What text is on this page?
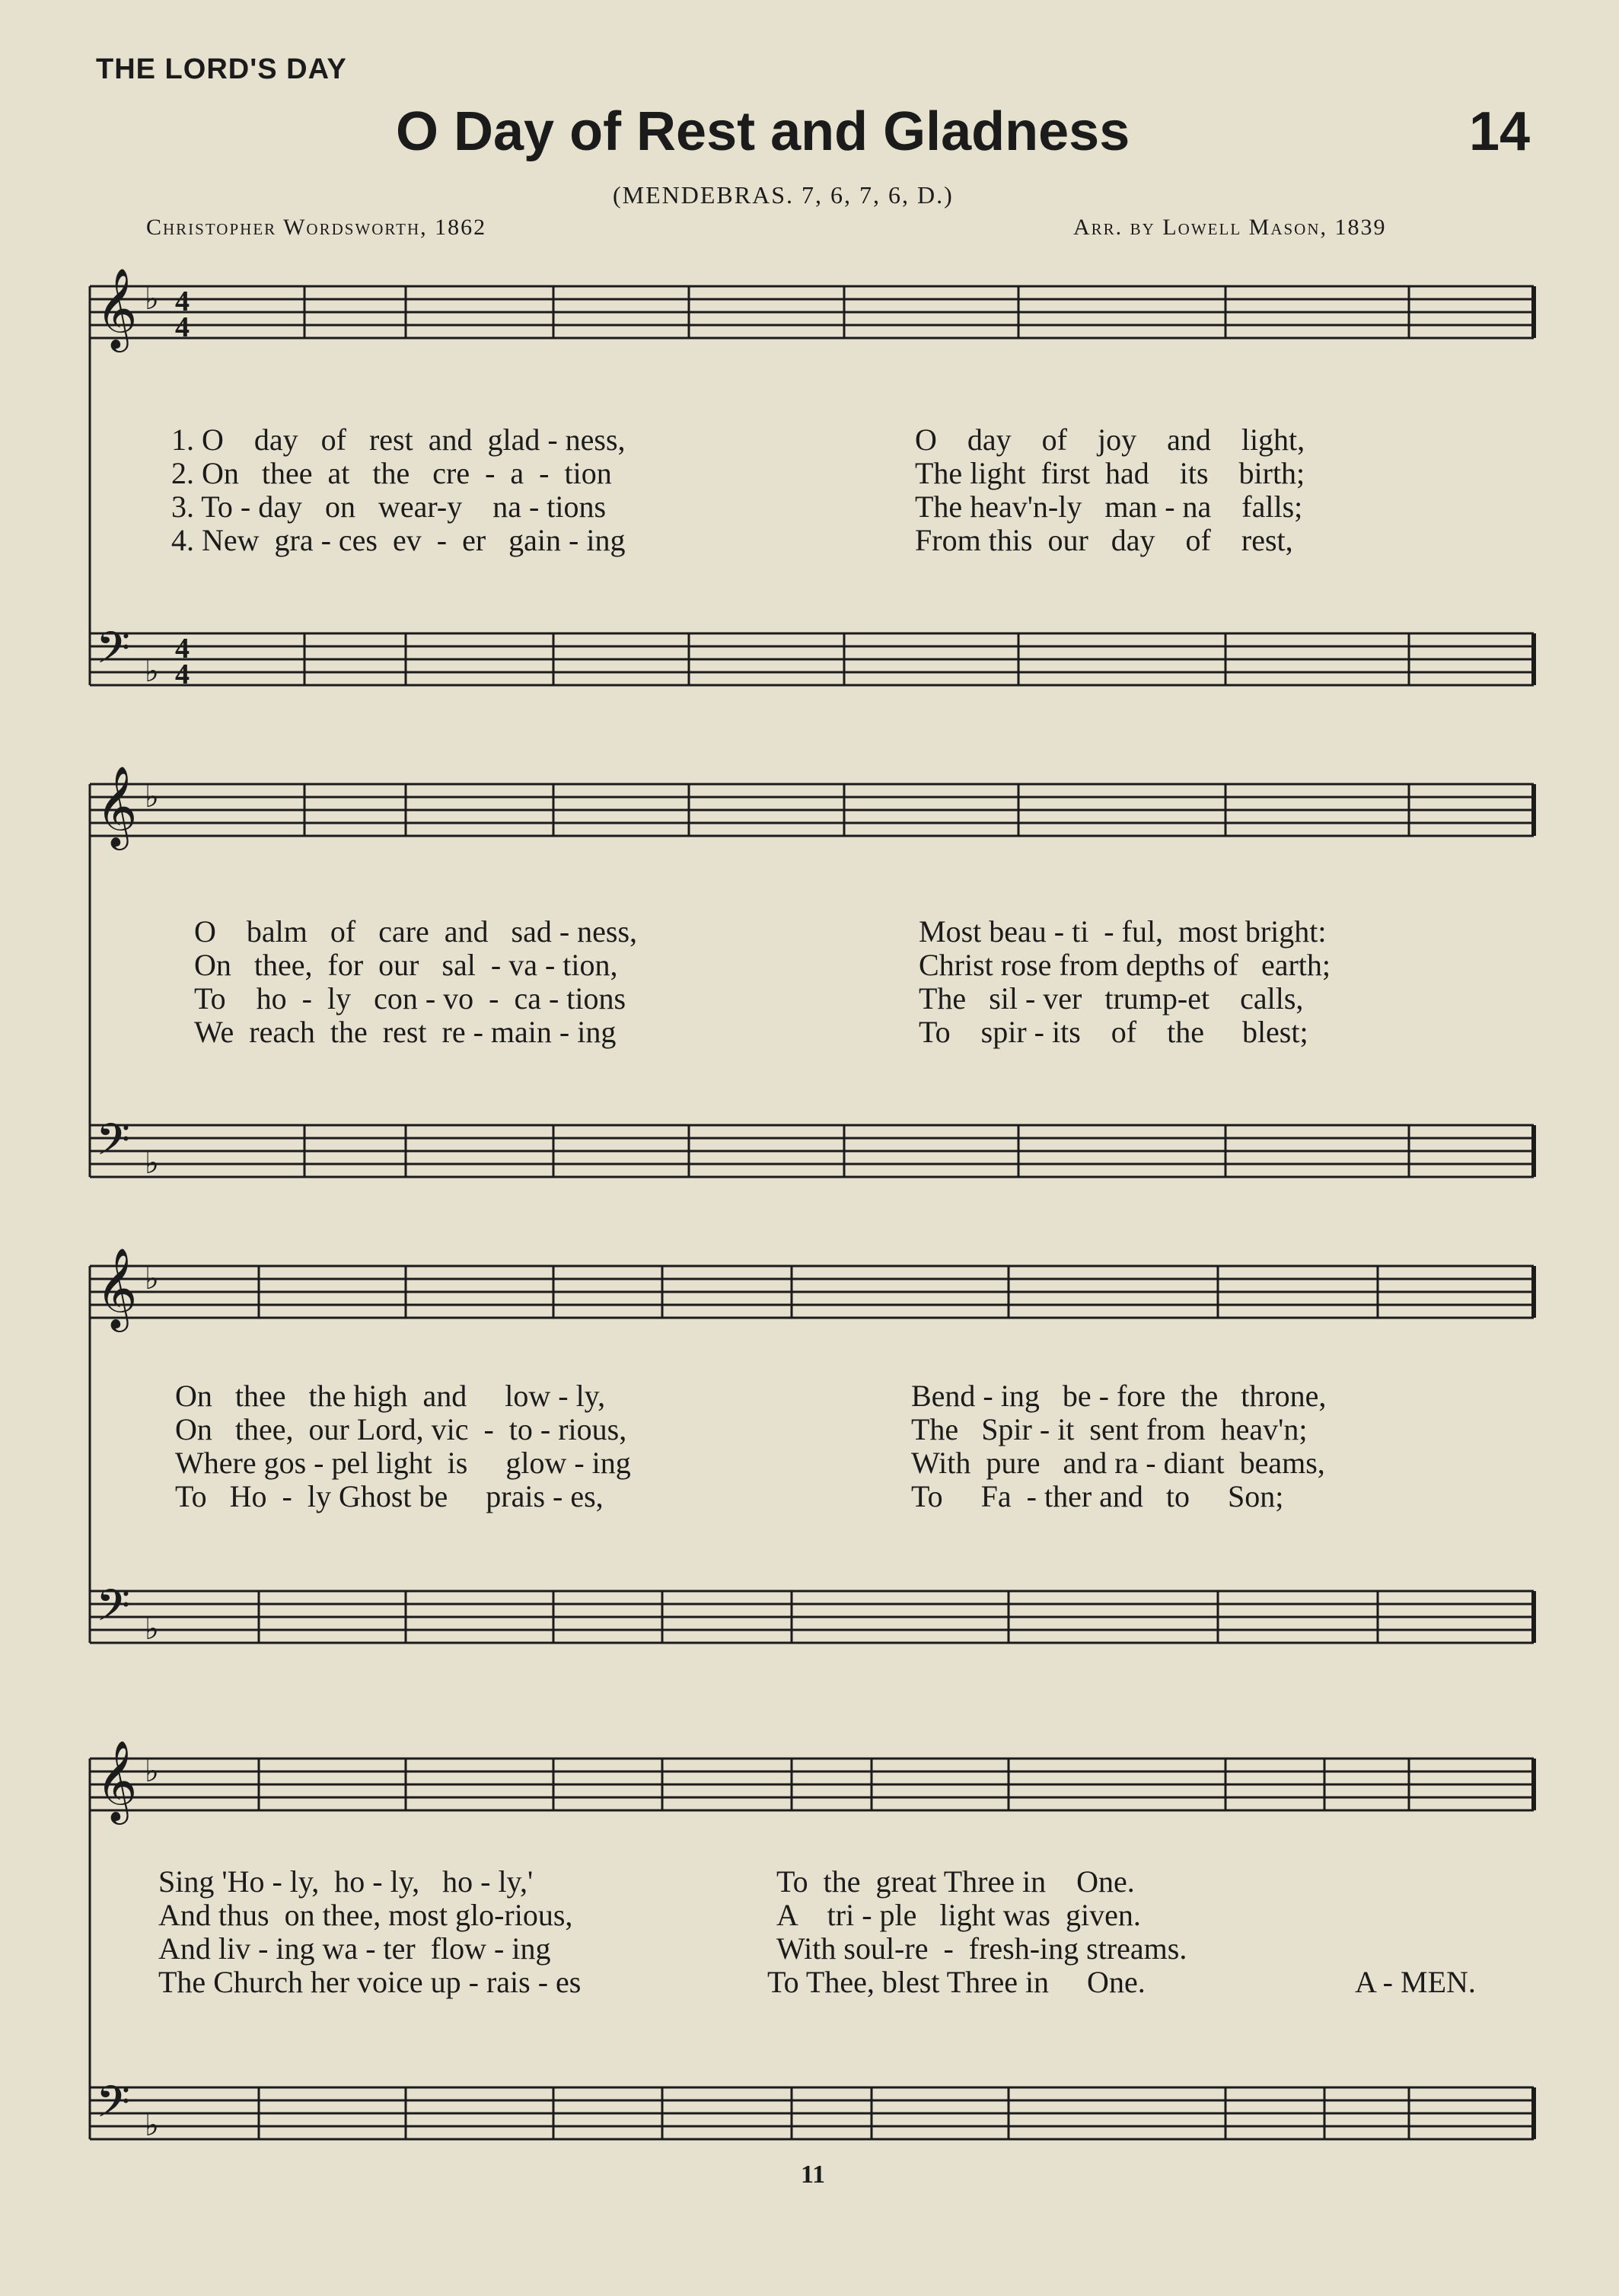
THE LORD'S DAY
O Day of Rest and Gladness	14
(MENDEBRAS. 7, 6, 7, 6, D.)
Christopher Wordsworth, 1862	Arr. by Lowell Mason, 1839
𝄞 ♭ 4
4
𝄢 ♭
4
4
𝄞 ♭
𝄢 ♭
𝄞 ♭
𝄢 ♭
𝄞 ♭
𝄢 ♭
1. O    day   of   rest  and  glad - ness,	O    day    of    joy    and    light,
2. On   thee  at   the   cre  -  a  -  tion	The light  first  had    its    birth;
3. To - day   on   wear-y    na - tions	The heav'n-ly   man - na    falls;
4. New  gra - ces  ev  -  er   gain - ing	From this  our   day    of    rest,
O    balm   of   care  and   sad - ness,	Most beau - ti  - ful,  most bright:
On   thee,  for  our   sal  - va - tion,	Christ rose from depths of   earth;
To    ho  -  ly   con - vo  -  ca - tions	The   sil - ver   trump-et    calls,
We  reach  the  rest  re - main - ing	To    spir - its    of    the     blest;
On   thee   the high  and     low - ly,	Bend - ing   be - fore  the   throne,
On   thee,  our Lord, vic  -  to - rious,	The   Spir - it  sent from  heav'n;
Where gos - pel light  is     glow - ing	With  pure   and ra - diant  beams,
To   Ho  -  ly Ghost be     prais - es,	To     Fa  - ther and   to     Son;
Sing 'Ho - ly,  ho - ly,   ho - ly,'	To  the  great Three in    One.
And thus  on thee, most glo-rious,	A    tri - ple   light was  given.
And liv - ing wa - ter  flow - ing	With soul-re  -  fresh-ing streams.
The Church her voice up - rais - es	To Thee, blest Three in     One.	A - MEN.
11
